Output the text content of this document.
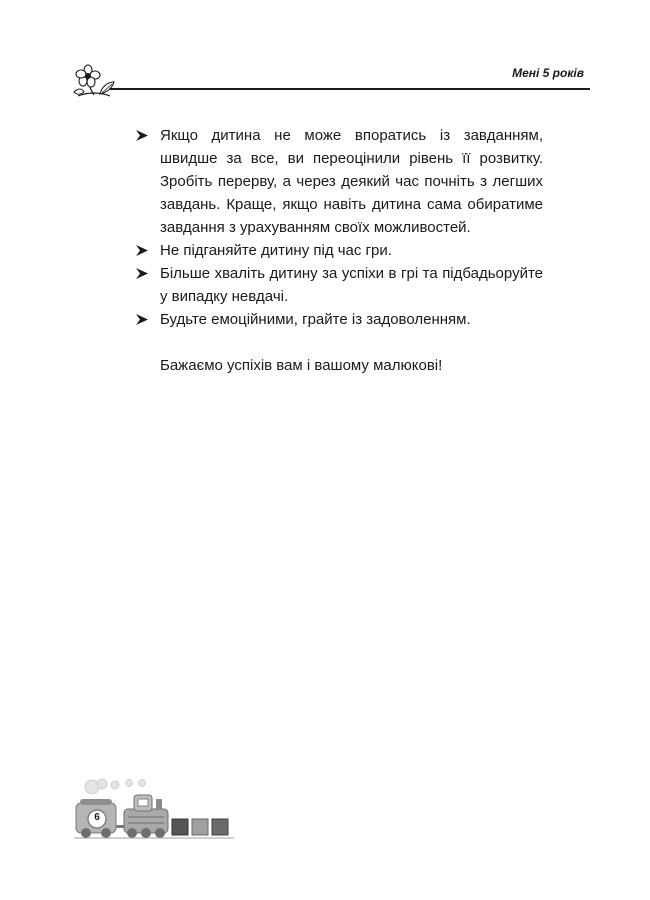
Мені 5 років
Якщо дитина не може впоратись із завданням, швидше за все, ви переоцінили рівень її розвитку. Зробіть перерву, а через деякий час почніть з легших завдань. Краще, якщо навіть дитина сама обиратиме завдання з урахуванням своїх можливостей.
Не підганяйте дитину під час гри.
Більше хваліть дитину за успіхи в грі та підбадьоруйте у випадку невдачі.
Будьте емоційними, грайте із задоволенням.
Бажаємо успіхів вам і вашому малюкові!
6
